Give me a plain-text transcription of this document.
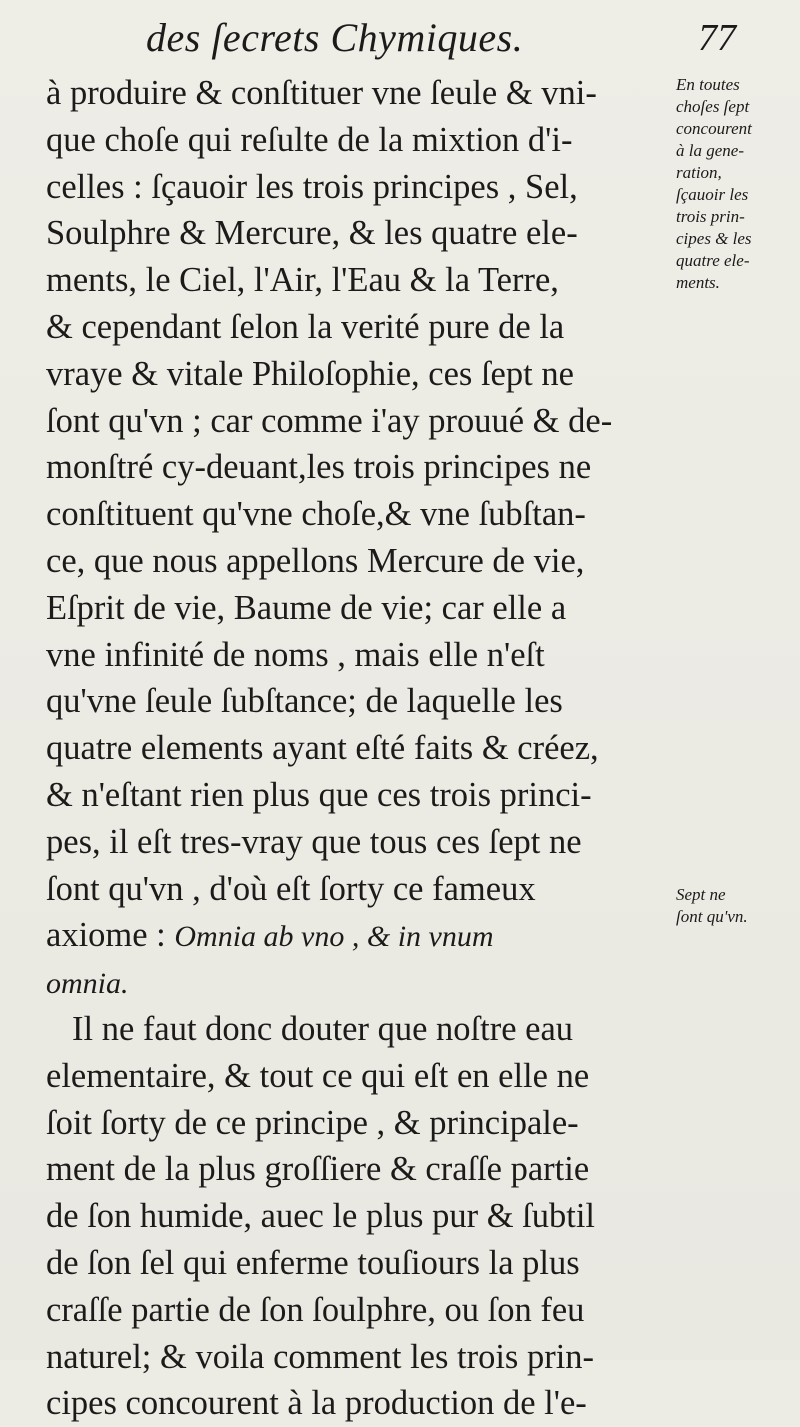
des ſecrets Chymiques.	77
à produire & conſtituer vne ſeule & vni-
que choſe qui reſulte de la mixtion d'i-
celles : ſçauoir les trois principes , Sel,
Soulphre & Mercure, & les quatre ele-
ments, le Ciel, l'Air, l'Eau & la Terre,
& cependant ſelon la verité pure de la
vraye & vitale Philoſophie, ces ſept ne
ſont qu'vn ; car comme i'ay prouué & de-
monſtré cy-deuant,les trois principes ne
conſtituent qu'vne choſe,& vne ſubſtan-
ce, que nous appellons Mercure de vie,
Eſprit de vie, Baume de vie; car elle a
vne infinité de noms , mais elle n'eſt
qu'vne ſeule ſubſtance; de laquelle les
quatre elements ayant eſté faits & créez,
& n'eſtant rien plus que ces trois princi-
pes, il eſt tres-vray que tous ces ſept ne
ſont qu'vn , d'où eſt ſorty ce fameux
axiome : Omnia ab vno , & in vnum
omnia.
Il ne faut donc douter que noſtre eau
elementaire, & tout ce qui eſt en elle ne
ſoit ſorty de ce principe , & principale-
ment de la plus groſſiere & craſſe partie
de ſon humide, auec le plus pur & ſubtil
de ſon ſel qui enferme touſiours la plus
craſſe partie de ſon ſoulphre, ou ſon feu
naturel; & voila comment les trois prin-
cipes concourent à la production de l'e-
En toutes
choſes ſept
concourent
à la gene-
ration,
ſçauoir les
trois prin-
cipes & les
quatre ele-
ments.
Sept ne
ſont qu'vn.
